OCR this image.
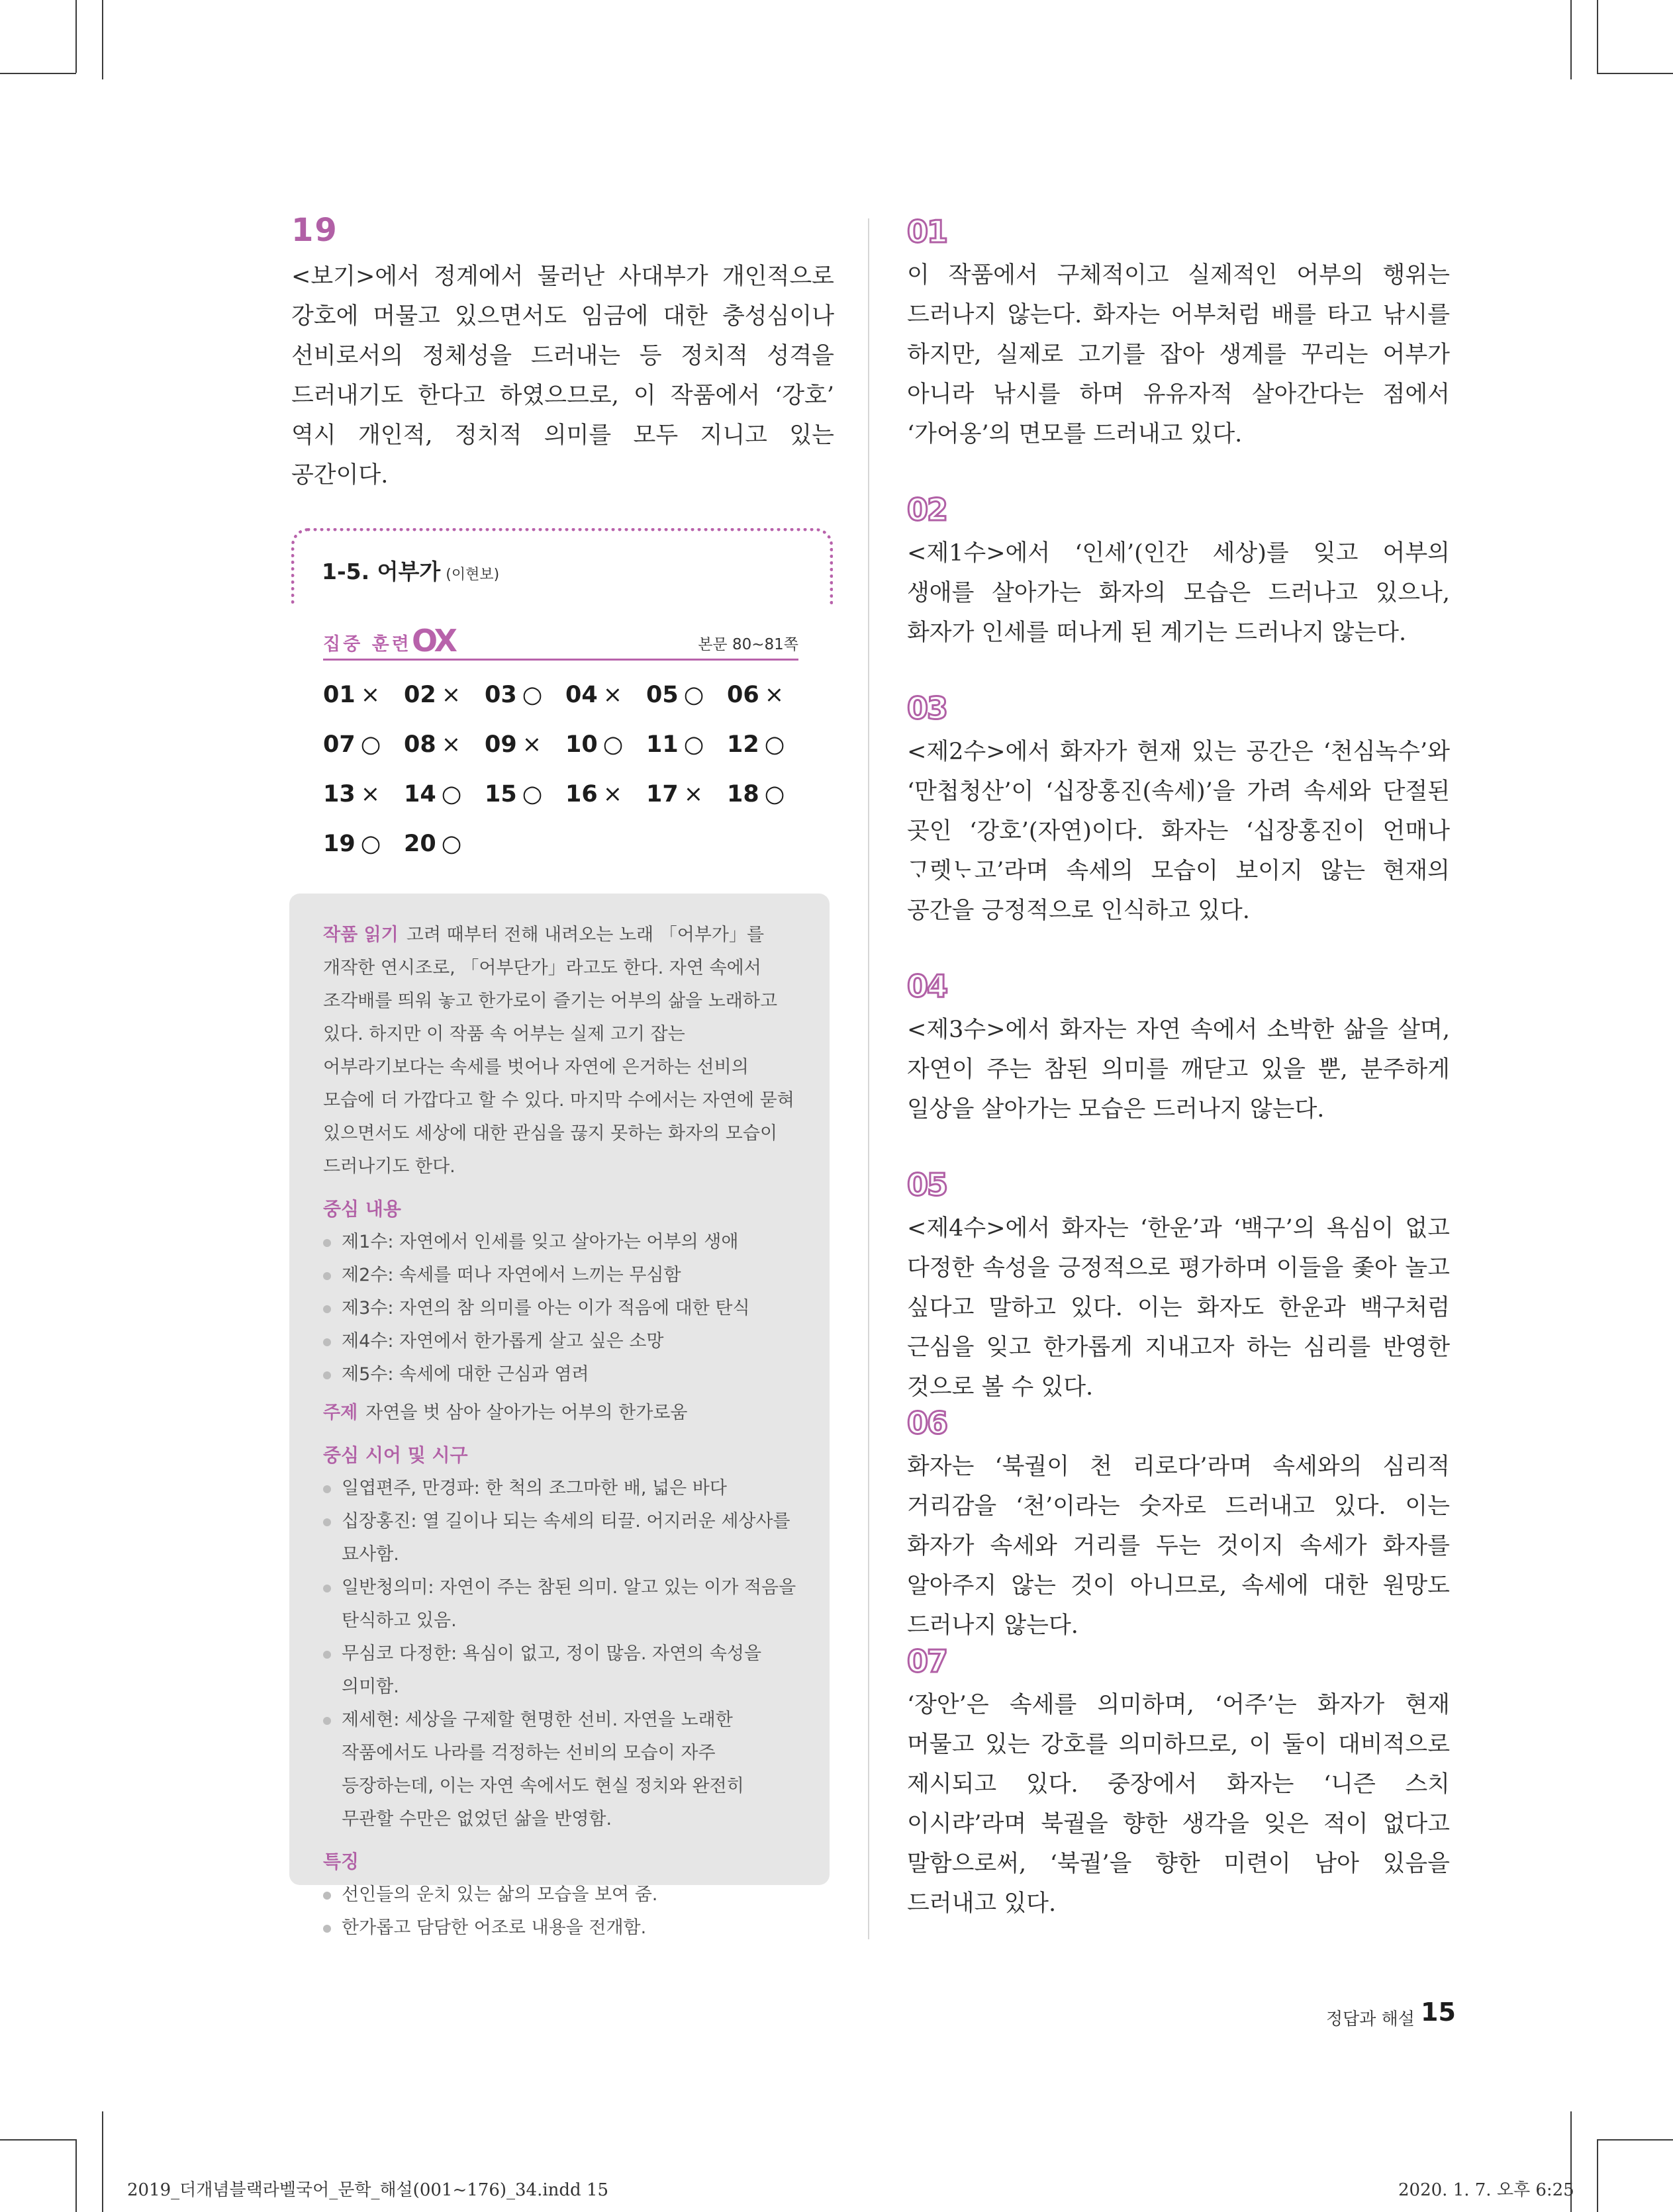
19
<보기>에서 정계에서 물러난 사대부가 개인적으로 강호에 머물고 있으면서도 임금에 대한 충성심이나 선비로서의 정체성을 드러내는 등 정치적 성격을 드러내기도 한다고 하였으므로, 이 작품에서 ‘강호’ 역시 개인적, 정치적 의미를 모두 지니고 있는 공간이다.
1-5. 어부가 (이현보)
집중 훈련 OX	본문 80~81쪽
01 × 02 × 03 ○ 04 × 05 ○ 06 ×
07 ○ 08 × 09 × 10 ○ 11 ○ 12 ○
13 × 14 ○ 15 ○ 16 × 17 × 18 ○
19 ○ 20 ○
작품 읽기 고려 때부터 전해 내려오는 노래 「어부가」를 개작한 연시조로, 「어부단가」라고도 한다. 자연 속에서 조각배를 띄워 놓고 한가로이 즐기는 어부의 삶을 노래하고 있다. 하지만 이 작품 속 어부는 실제 고기 잡는 어부라기보다는 속세를 벗어나 자연에 은거하는 선비의 모습에 더 가깝다고 할 수 있다. 마지막 수에서는 자연에 묻혀 있으면서도 세상에 대한 관심을 끊지 못하는 화자의 모습이 드러나기도 한다.
중심 내용
제1수: 자연에서 인세를 잊고 살아가는 어부의 생애
제2수: 속세를 떠나 자연에서 느끼는 무심함
제3수: 자연의 참 의미를 아는 이가 적음에 대한 탄식
제4수: 자연에서 한가롭게 살고 싶은 소망
제5수: 속세에 대한 근심과 염려
주제 자연을 벗 삼아 살아가는 어부의 한가로움
중심 시어 및 시구
일엽편주, 만경파: 한 척의 조그마한 배, 넓은 바다
십장홍진: 열 길이나 되는 속세의 티끌. 어지러운 세상사를 묘사함.
일반청의미: 자연이 주는 참된 의미. 알고 있는 이가 적음을 탄식하고 있음.
무심코 다정한: 욕심이 없고, 정이 많음. 자연의 속성을 의미함.
제세현: 세상을 구제할 현명한 선비. 자연을 노래한 작품에서도 나라를 걱정하는 선비의 모습이 자주 등장하는데, 이는 자연 속에서도 현실 정치와 완전히 무관할 수만은 없었던 삶을 반영함.
특징
선인들의 운치 있는 삶의 모습을 보여 줌.
한가롭고 담담한 어조로 내용을 전개함.
01
이 작품에서 구체적이고 실제적인 어부의 행위는 드러나지 않는다. 화자는 어부처럼 배를 타고 낚시를 하지만, 실제로 고기를 잡아 생계를 꾸리는 어부가 아니라 낚시를 하며 유유자적 살아간다는 점에서 ‘가어옹’의 면모를 드러내고 있다.
02
<제1수>에서 ‘인세’(인간 세상)를 잊고 어부의 생애를 살아가는 화자의 모습은 드러나고 있으나, 화자가 인세를 떠나게 된 계기는 드러나지 않는다.
03
<제2수>에서 화자가 현재 있는 공간은 ‘천심녹수’와 ‘만첩청산’이 ‘십장홍진(속세)’을 가려 속세와 단절된 곳인 ‘강호’(자연)이다. 화자는 ‘십장홍진이 언매나 ᄀᆞ렛ᄂᆞ고’라며 속세의 모습이 보이지 않는 현재의 공간을 긍정적으로 인식하고 있다.
04
<제3수>에서 화자는 자연 속에서 소박한 삶을 살며, 자연이 주는 참된 의미를 깨닫고 있을 뿐, 분주하게 일상을 살아가는 모습은 드러나지 않는다.
05
<제4수>에서 화자는 ‘한운’과 ‘백구’의 욕심이 없고 다정한 속성을 긍정적으로 평가하며 이들을 좇아 놀고 싶다고 말하고 있다. 이는 화자도 한운과 백구처럼 근심을 잊고 한가롭게 지내고자 하는 심리를 반영한 것으로 볼 수 있다.
06
화자는 ‘북궐이 천 리로다’라며 속세와의 심리적 거리감을 ‘천’이라는 숫자로 드러내고 있다. 이는 화자가 속세와 거리를 두는 것이지 속세가 화자를 알아주지 않는 것이 아니므로, 속세에 대한 원망도 드러나지 않는다.
07
‘장안’은 속세를 의미하며, ‘어주’는 화자가 현재 머물고 있는 강호를 의미하므로, 이 둘이 대비적으로 제시되고 있다. 중장에서 화자는 ‘니즌 스치 이시랴’라며 북궐을 향한 생각을 잊은 적이 없다고 말함으로써, ‘북궐’을 향한 미련이 남아 있음을 드러내고 있다.
정답과 해설 15
2019_더개념블랙라벨국어_문학_해설(001~176)_34.indd 15	2020. 1. 7. 오후 6:25
